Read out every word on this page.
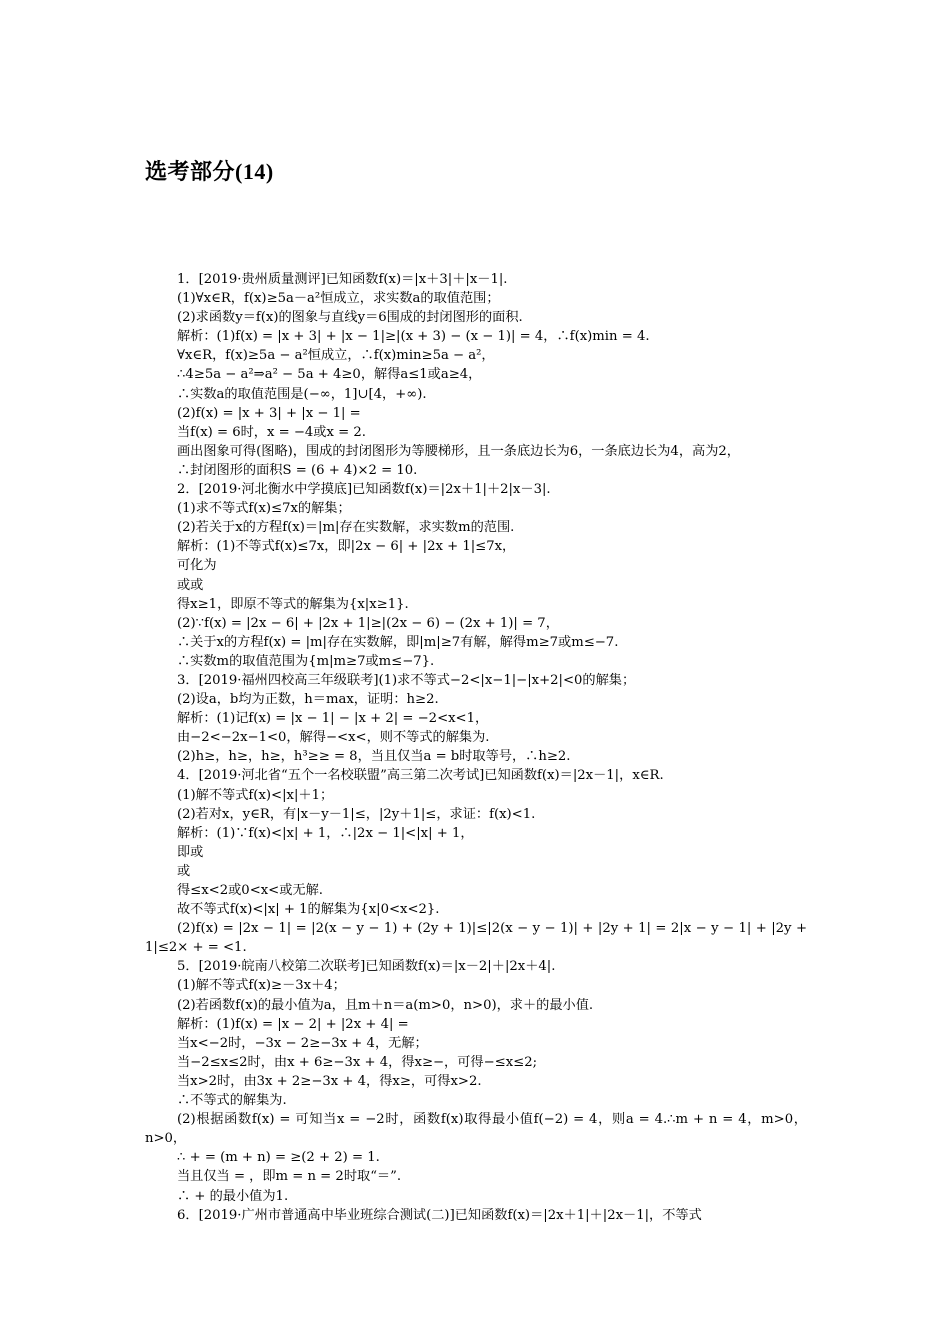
选考部分(14)
1．[2019·贵州质量测评]已知函数f(x)＝|x＋3|＋|x－1|.
(1)∀x∈R，f(x)≥5a－a²恒成立，求实数a的取值范围；
(2)求函数y＝f(x)的图象与直线y＝6围成的封闭图形的面积.
解析：(1)f(x) = |x + 3| + |x − 1|≥|(x + 3) − (x − 1)| = 4，∴f(x)min = 4.
∀x∈R，f(x)≥5a − a²恒成立，∴f(x)min≥5a − a²，
∴4≥5a − a²⇒a² − 5a + 4≥0，解得a≤1或a≥4，
∴实数a的取值范围是(−∞，1]∪[4，+∞).
(2)f(x) = |x + 3| + |x − 1| =
当f(x) = 6时，x = −4或x = 2.
画出图象可得(图略)，围成的封闭图形为等腰梯形，且一条底边长为6，一条底边长为4，高为2，
∴封闭图形的面积S = (6 + 4)×2 = 10.
2．[2019·河北衡水中学摸底]已知函数f(x)＝|2x＋1|＋2|x－3|.
(1)求不等式f(x)≤7x的解集；
(2)若关于x的方程f(x)＝|m|存在实数解，求实数m的范围.
解析：(1)不等式f(x)≤7x，即|2x − 6| + |2x + 1|≤7x，
可化为
或或
得x≥1，即原不等式的解集为{x|x≥1}.
(2)∵f(x) = |2x − 6| + |2x + 1|≥|(2x − 6) − (2x + 1)| = 7，
∴关于x的方程f(x) = |m|存在实数解，即|m|≥7有解，解得m≥7或m≤−7.
∴实数m的取值范围为{m|m≥7或m≤−7}.
3．[2019·福州四校高三年级联考](1)求不等式−2<|x−1|−|x+2|<0的解集；
(2)设a，b均为正数，h＝max，证明：h≥2.
解析：(1)记f(x) = |x − 1| − |x + 2| = −2<x<1，
由−2<−2x−1<0，解得−<x<，则不等式的解集为.
(2)h≥，h≥，h≥，h³≥≥ = 8，当且仅当a = b时取等号，∴h≥2.
4．[2019·河北省“五个一名校联盟”高三第二次考试]已知函数f(x)＝|2x－1|，x∈R.
(1)解不等式f(x)<|x|＋1；
(2)若对x，y∈R，有|x－y－1|≤，|2y＋1|≤，求证：f(x)<1.
解析：(1)∵f(x)<|x| + 1，∴|2x − 1|<|x| + 1，
即或
或
得≤x<2或0<x<或无解.
故不等式f(x)<|x| + 1的解集为{x|0<x<2}.
(2)f(x) = |2x − 1| = |2(x − y − 1) + (2y + 1)|≤|2(x − y − 1)| + |2y + 1| = 2|x − y − 1| + |2y + 1|≤2× + = <1.
5．[2019·皖南八校第二次联考]已知函数f(x)＝|x－2|＋|2x＋4|.
(1)解不等式f(x)≥－3x＋4；
(2)若函数f(x)的最小值为a，且m＋n＝a(m>0，n>0)，求＋的最小值.
解析：(1)f(x) = |x − 2| + |2x + 4| =
当x<−2时，−3x − 2≥−3x + 4，无解；
当−2≤x≤2时，由x + 6≥−3x + 4，得x≥−，可得−≤x≤2;
当x>2时，由3x + 2≥−3x + 4，得x≥，可得x>2.
∴不等式的解集为.
(2)根据函数f(x) = 可知当x = −2时，函数f(x)取得最小值f(−2) = 4，则a = 4.∴m + n = 4，m>0，n>0，
∴ + = (m + n) = ≥(2 + 2) = 1.
当且仅当 = ，即m = n = 2时取“＝”.
∴ + 的最小值为1.
6．[2019·广州市普通高中毕业班综合测试(二)]已知函数f(x)＝|2x＋1|＋|2x－1|，不等式
